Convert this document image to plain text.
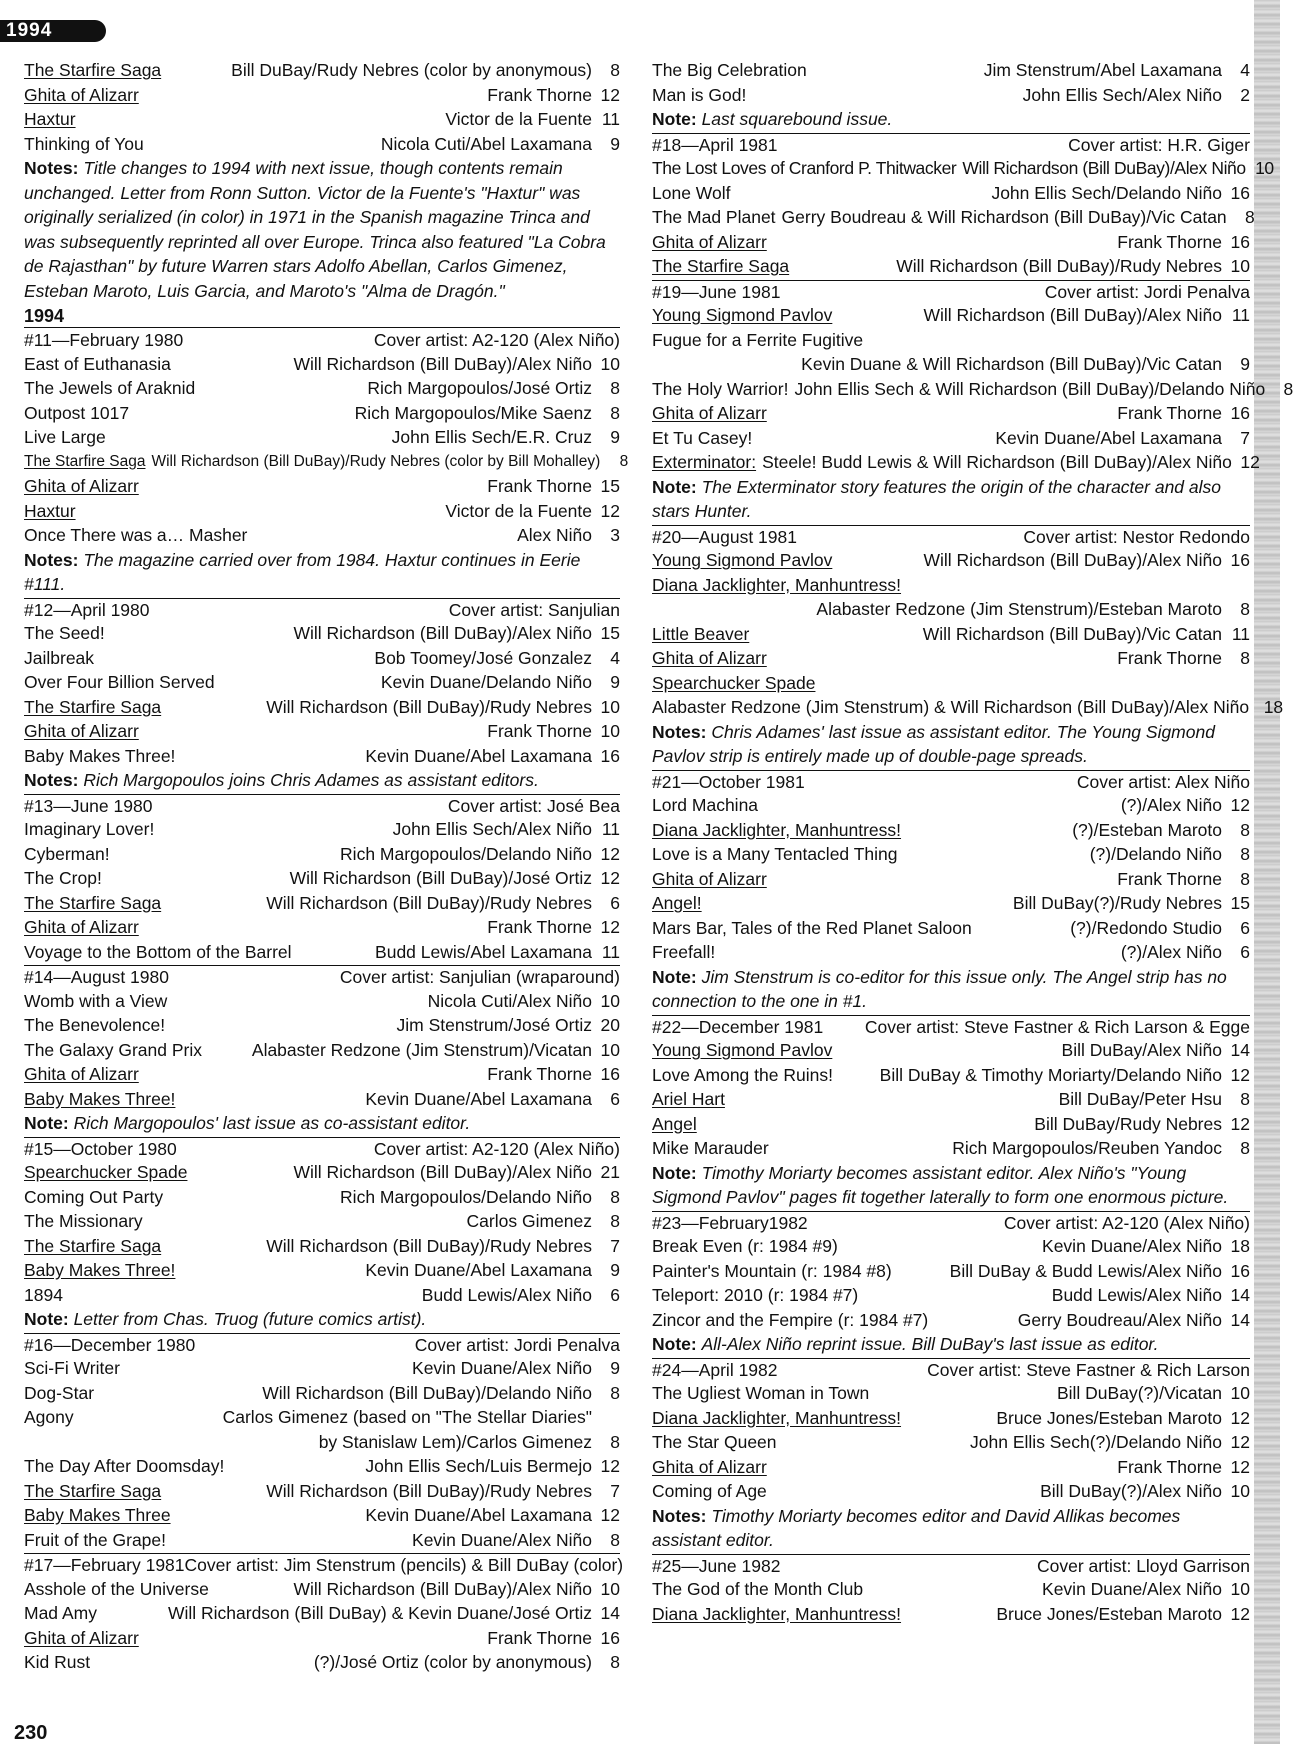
1994
The Starfire Saga	Bill DuBay/Rudy Nebres (color by anonymous)	8
Ghita of Alizarr	Frank Thorne 12
Haxtur	Victor de la Fuente 11
Thinking of You	Nicola Cuti/Abel Laxamana	9
Notes: Title changes to 1994 with next issue, though contents remain unchanged. Letter from Ronn Sutton. Victor de la Fuente's "Haxtur" was originally serialized (in color) in 1971 in the Spanish magazine Trinca and was subsequently reprinted all over Europe. Trinca also featured "La Cobra de Rajasthan" by future Warren stars Adolfo Abellan, Carlos Gimenez, Esteban Maroto, Luis Garcia, and Maroto's "Alma de Dragón."
1994
#11—February 1980	Cover artist: A2-120 (Alex Niño)
East of Euthanasia	Will Richardson (Bill DuBay)/Alex Niño 10
The Jewels of Araknid	Rich Margopoulos/José Ortiz	8
Outpost 1017	Rich Margopoulos/Mike Saenz	8
Live Large	John Ellis Sech/E.R. Cruz	9
The Starfire Saga Will Richardson (Bill DuBay)/Rudy Nebres (color by Bill Mohalley)	8
Ghita of Alizarr	Frank Thorne 15
Haxtur	Victor de la Fuente 12
Once There was a… Masher	Alex Niño	3
Notes: The magazine carried over from 1984. Haxtur continues in Eerie #111.
#12—April 1980	Cover artist: Sanjulian
The Seed!	Will Richardson (Bill DuBay)/Alex Niño 15
Jailbreak	Bob Toomey/José Gonzalez	4
Over Four Billion Served	Kevin Duane/Delando Niño	9
The Starfire Saga	Will Richardson (Bill DuBay)/Rudy Nebres 10
Ghita of Alizarr	Frank Thorne 10
Baby Makes Three!	Kevin Duane/Abel Laxamana 16
Notes: Rich Margopoulos joins Chris Adames as assistant editors.
#13—June 1980	Cover artist: José Bea
Imaginary Lover!	John Ellis Sech/Alex Niño 11
Cyberman!	Rich Margopoulos/Delando Niño 12
The Crop!	Will Richardson (Bill DuBay)/José Ortiz 12
The Starfire Saga	Will Richardson (Bill DuBay)/Rudy Nebres	6
Ghita of Alizarr	Frank Thorne 12
Voyage to the Bottom of the Barrel	Budd Lewis/Abel Laxamana 11
#14—August 1980	Cover artist: Sanjulian (wraparound)
Womb with a View	Nicola Cuti/Alex Niño 10
The Benevolence!	Jim Stenstrum/José Ortiz 20
The Galaxy Grand Prix	Alabaster Redzone (Jim Stenstrum)/Vicatan 10
Ghita of Alizarr	Frank Thorne 16
Baby Makes Three!	Kevin Duane/Abel Laxamana	6
Note: Rich Margopoulos' last issue as co-assistant editor.
#15—October 1980	Cover artist: A2-120 (Alex Niño)
Spearchucker Spade	Will Richardson (Bill DuBay)/Alex Niño 21
Coming Out Party	Rich Margopoulos/Delando Niño	8
The Missionary	Carlos Gimenez	8
The Starfire Saga	Will Richardson (Bill DuBay)/Rudy Nebres	7
Baby Makes Three!	Kevin Duane/Abel Laxamana	9
1894	Budd Lewis/Alex Niño	6
Note: Letter from Chas. Truog (future comics artist).
#16—December 1980	Cover artist: Jordi Penalva
Sci-Fi Writer	Kevin Duane/Alex Niño	9
Dog-Star	Will Richardson (Bill DuBay)/Delando Niño	8
Agony	Carlos Gimenez (based on "The Stellar Diaries"
by Stanislaw Lem)/Carlos Gimenez	8
The Day After Doomsday!	John Ellis Sech/Luis Bermejo 12
The Starfire Saga	Will Richardson (Bill DuBay)/Rudy Nebres	7
Baby Makes Three	Kevin Duane/Abel Laxamana 12
Fruit of the Grape!	Kevin Duane/Alex Niño	8
#17—February 1981 Cover artist: Jim Stenstrum (pencils) & Bill DuBay (color)
Asshole of the Universe	Will Richardson (Bill DuBay)/Alex Niño 10
Mad Amy	Will Richardson (Bill DuBay) & Kevin Duane/José Ortiz 14
Ghita of Alizarr	Frank Thorne 16
Kid Rust	(?)/José Ortiz (color by anonymous)	8
The Big Celebration	Jim Stenstrum/Abel Laxamana	4
Man is God!	John Ellis Sech/Alex Niño	2
Note: Last squarebound issue.
#18—April 1981	Cover artist: H.R. Giger
The Lost Loves of Cranford P. Thitwacker Will Richardson (Bill DuBay)/Alex Niño 10
Lone Wolf	John Ellis Sech/Delando Niño 16
The Mad Planet Gerry Boudreau & Will Richardson (Bill DuBay)/Vic Catan	8
Ghita of Alizarr	Frank Thorne 16
The Starfire Saga	Will Richardson (Bill DuBay)/Rudy Nebres 10
#19—June 1981	Cover artist: Jordi Penalva
Young Sigmond Pavlov	Will Richardson (Bill DuBay)/Alex Niño 11
Fugue for a Ferrite Fugitive
Kevin Duane & Will Richardson (Bill DuBay)/Vic Catan	9
The Holy Warrior! John Ellis Sech & Will Richardson (Bill DuBay)/Delando Niño	8
Ghita of Alizarr	Frank Thorne 16
Et Tu Casey!	Kevin Duane/Abel Laxamana	7
Exterminator: Steele! Budd Lewis & Will Richardson (Bill DuBay)/Alex Niño 12
Note: The Exterminator story features the origin of the character and also stars Hunter.
#20—August 1981	Cover artist: Nestor Redondo
Young Sigmond Pavlov	Will Richardson (Bill DuBay)/Alex Niño 16
Diana Jacklighter, Manhuntress!
Alabaster Redzone (Jim Stenstrum)/Esteban Maroto	8
Little Beaver	Will Richardson (Bill DuBay)/Vic Catan 11
Ghita of Alizarr	Frank Thorne	8
Spearchucker Spade
Alabaster Redzone (Jim Stenstrum) & Will Richardson (Bill DuBay)/Alex Niño 18
Notes: Chris Adames' last issue as assistant editor. The Young Sigmond Pavlov strip is entirely made up of double-page spreads.
#21—October 1981	Cover artist: Alex Niño
Lord Machina	(?)/Alex Niño 12
Diana Jacklighter, Manhuntress!	(?)/Esteban Maroto	8
Love is a Many Tentacled Thing	(?)/Delando Niño	8
Ghita of Alizarr	Frank Thorne	8
Angel!	Bill DuBay(?)/Rudy Nebres 15
Mars Bar, Tales of the Red Planet Saloon	(?)/Redondo Studio	6
Freefall!	(?)/Alex Niño	6
Note: Jim Stenstrum is co-editor for this issue only. The Angel strip has no connection to the one in #1.
#22—December 1981 Cover artist: Steve Fastner & Rich Larson & Egge
Young Sigmond Pavlov	Bill DuBay/Alex Niño 14
Love Among the Ruins!	Bill DuBay & Timothy Moriarty/Delando Niño 12
Ariel Hart	Bill DuBay/Peter Hsu	8
Angel	Bill DuBay/Rudy Nebres 12
Mike Marauder	Rich Margopoulos/Reuben Yandoc	8
Note: Timothy Moriarty becomes assistant editor. Alex Niño's "Young Sigmond Pavlov" pages fit together laterally to form one enormous picture.
#23—February1982	Cover artist: A2-120 (Alex Niño)
Break Even (r: 1984 #9)	Kevin Duane/Alex Niño 18
Painter's Mountain (r: 1984 #8)	Bill DuBay & Budd Lewis/Alex Niño 16
Teleport: 2010 (r: 1984 #7)	Budd Lewis/Alex Niño 14
Zincor and the Fempire (r: 1984 #7)	Gerry Boudreau/Alex Niño 14
Note: All-Alex Niño reprint issue. Bill DuBay's last issue as editor.
#24—April 1982	Cover artist: Steve Fastner & Rich Larson
The Ugliest Woman in Town	Bill DuBay(?)/Vicatan 10
Diana Jacklighter, Manhuntress!	Bruce Jones/Esteban Maroto 12
The Star Queen	John Ellis Sech(?)/Delando Niño 12
Ghita of Alizarr	Frank Thorne 12
Coming of Age	Bill DuBay(?)/Alex Niño 10
Notes: Timothy Moriarty becomes editor and David Allikas becomes assistant editor.
#25—June 1982	Cover artist: Lloyd Garrison
The God of the Month Club	Kevin Duane/Alex Niño 10
Diana Jacklighter, Manhuntress!	Bruce Jones/Esteban Maroto 12
230
